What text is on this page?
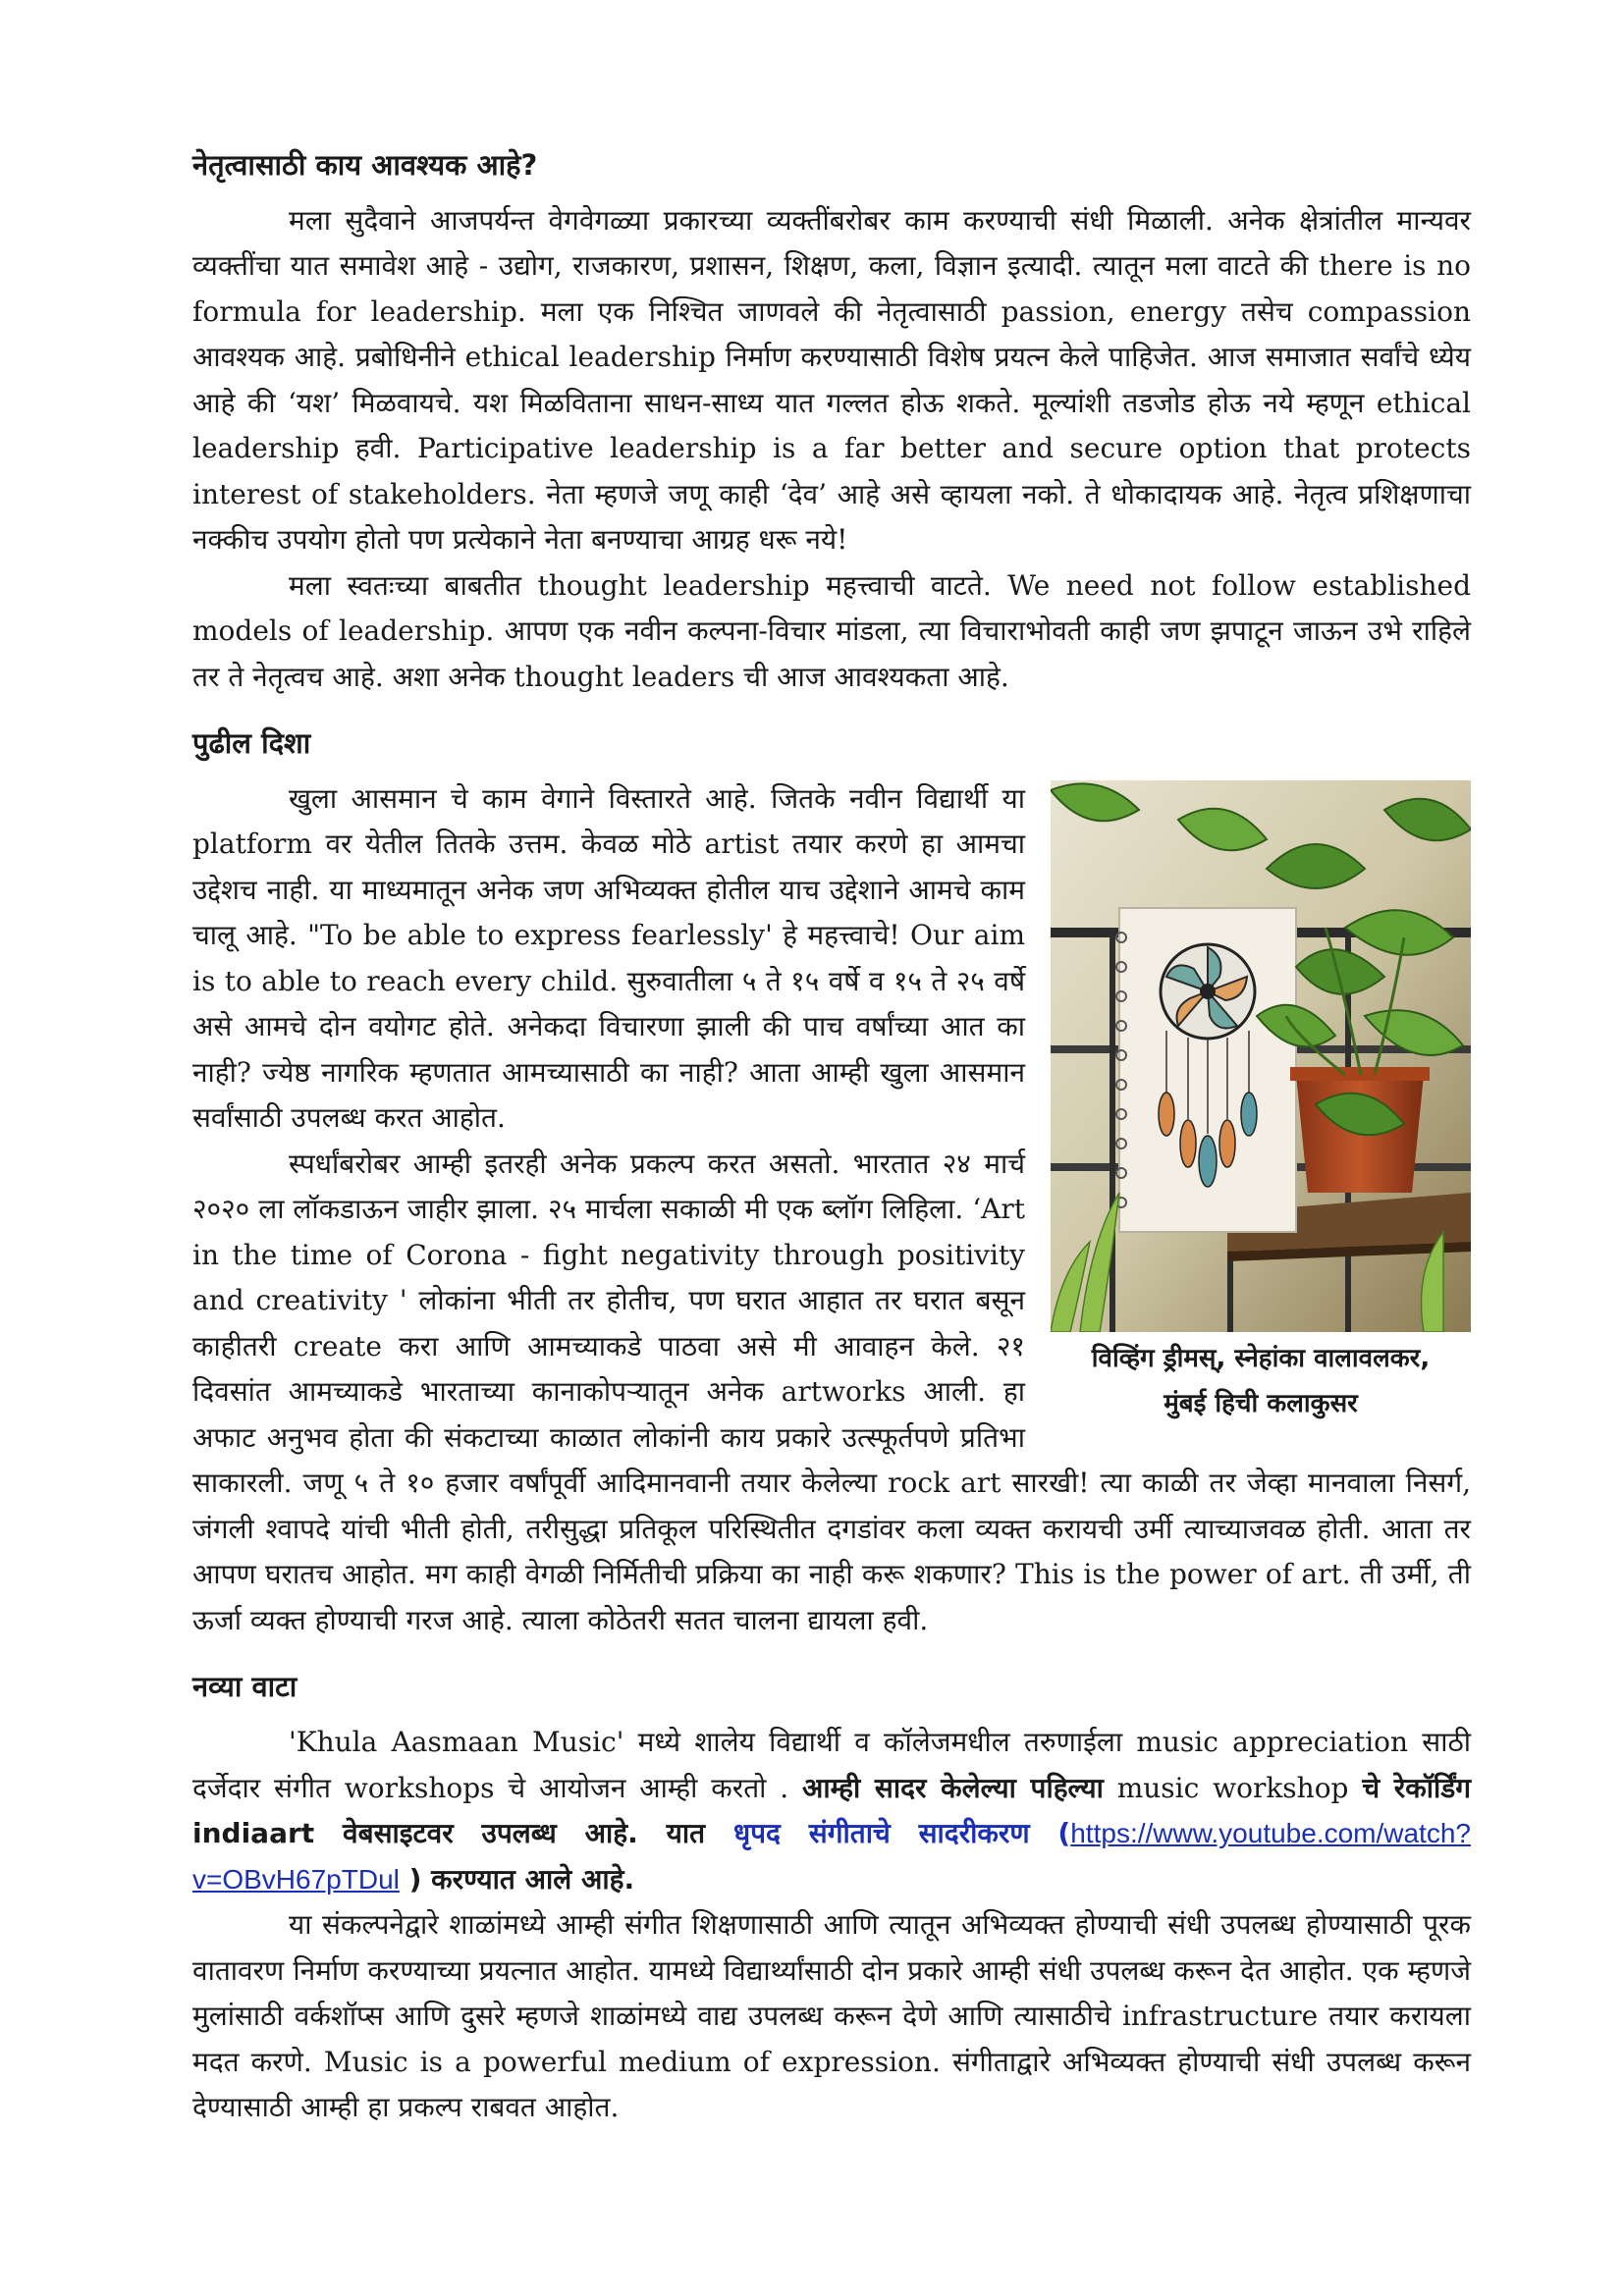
नेतृत्वासाठी काय आवश्यक आहे?

मला सुदैवाने आजपर्यन्त वेगवेगळ्या प्रकारच्या व्यक्तींबरोबर काम करण्याची संधी मिळाली. अनेक क्षेत्रांतील मान्यवर व्यक्तींचा यात समावेश आहे - उद्योग, राजकारण, प्रशासन, शिक्षण, कला, विज्ञान इत्यादी. त्यातून मला वाटते की there is no formula for leadership. मला एक निश्चित जाणवले की नेतृत्वासाठी passion, energy तसेच compassion आवश्यक आहे. प्रबोधिनीने ethical leadership निर्माण करण्यासाठी विशेष प्रयत्न केले पाहिजेत. आज समाजात सर्वांचे ध्येय आहे की ‘यश’ मिळवायचे. यश मिळविताना साधन-साध्य यात गल्लत होऊ शकते. मूल्यांशी तडजोड होऊ नये म्हणून ethical leadership हवी. Participative leadership is a far better and secure option that protects interest of stakeholders. नेता म्हणजे जणू काही ‘देव’ आहे असे व्हायला नको. ते धोकादायक आहे. नेतृत्व प्रशिक्षणाचा नक्कीच उपयोग होतो पण प्रत्येकाने नेता बनण्याचा आग्रह धरू नये!

मला स्वतःच्या बाबतीत thought leadership महत्त्वाची वाटते. We need not follow established models of leadership. आपण एक नवीन कल्पना-विचार मांडला, त्या विचाराभोवती काही जण झपाटून जाऊन उभे राहिले तर ते नेतृत्वच आहे. अशा अनेक thought leaders ची आज आवश्यकता आहे.

पुढील दिशा
विव्हिंग ड्रीमस्, स्नेहांका वालावलकर,
मुंबई हिची कलाकुसर

खुला आसमान चे काम वेगाने विस्तारते आहे. जितके नवीन विद्यार्थी या platform वर येतील तितके उत्तम. केवळ मोठे artist तयार करणे हा आमचा उद्देशच नाही. या माध्यमातून अनेक जण अभिव्यक्त होतील याच उद्देशाने आमचे काम चालू आहे. "To be able to express fearlessly' हे महत्त्वाचे! Our aim is to able to reach every child. सुरुवातीला ५ ते १५ वर्षे व १५ ते २५ वर्षे असे आमचे दोन वयोगट होते. अनेकदा विचारणा झाली की पाच वर्षांच्या आत का नाही? ज्येष्ठ नागरिक म्हणतात आमच्यासाठी का नाही? आता आम्ही खुला आसमान सर्वांसाठी उपलब्ध करत आहोत.

स्पर्धांबरोबर आम्ही इतरही अनेक प्रकल्प करत असतो. भारतात २४ मार्च २०२० ला लॉकडाऊन जाहीर झाला. २५ मार्चला सकाळी मी एक ब्लॉग लिहिला. ‘Art in the time of Corona - fight negativity through positivity and creativity ' लोकांना भीती तर होतीच, पण घरात आहात तर घरात बसून काहीतरी create करा आणि आमच्याकडे पाठवा असे मी आवाहन केले. २१ दिवसांत आमच्याकडे भारताच्या कानाकोपऱ्यातून अनेक artworks आली. हा अफाट अनुभव होता की संकटाच्या काळात लोकांनी काय प्रकारे उत्स्फूर्तपणे प्रतिभा साकारली. जणू ५ ते १० हजार वर्षांपूर्वी आदिमानवानी तयार केलेल्या rock art सारखी! त्या काळी तर जेव्हा मानवाला निसर्ग, जंगली श्वापदे यांची भीती होती, तरीसुद्धा प्रतिकूल परिस्थितीत दगडांवर कला व्यक्त करायची उर्मी त्याच्याजवळ होती. आता तर आपण घरातच आहोत. मग काही वेगळी निर्मितीची प्रक्रिया का नाही करू शकणार? This is the power of art. ती उर्मी, ती ऊर्जा व्यक्त होण्याची गरज आहे. त्याला कोठेतरी सतत चालना द्यायला हवी.

नव्या वाटा

'Khula Aasmaan Music' मध्ये शालेय विद्यार्थी व कॉलेजमधील तरुणाईला music appreciation साठी दर्जेदार संगीत workshops चे आयोजन आम्ही करतो . आम्ही सादर केलेल्या पहिल्या music workshop चे रेकॉर्डिंग indiaart वेबसाइटवर उपलब्ध आहे. यात धृपद संगीताचे सादरीकरण (https://www.youtube.com/watch?v=OBvH67pTDul ) करण्यात आले आहे.

या संकल्पनेद्वारे शाळांमध्ये आम्ही संगीत शिक्षणासाठी आणि त्यातून अभिव्यक्त होण्याची संधी उपलब्ध होण्यासाठी पूरक वातावरण निर्माण करण्याच्या प्रयत्नात आहोत. यामध्ये विद्यार्थ्यांसाठी दोन प्रकारे आम्ही संधी उपलब्ध करून देत आहोत. एक म्हणजे मुलांसाठी वर्कशॉप्स आणि दुसरे म्हणजे शाळांमध्ये वाद्य उपलब्ध करून देणे आणि त्यासाठीचे infrastructure तयार करायला मदत करणे. Music is a powerful medium of expression. संगीताद्वारे अभिव्यक्त होण्याची संधी उपलब्ध करून देण्यासाठी आम्ही हा प्रकल्प राबवत आहोत.
